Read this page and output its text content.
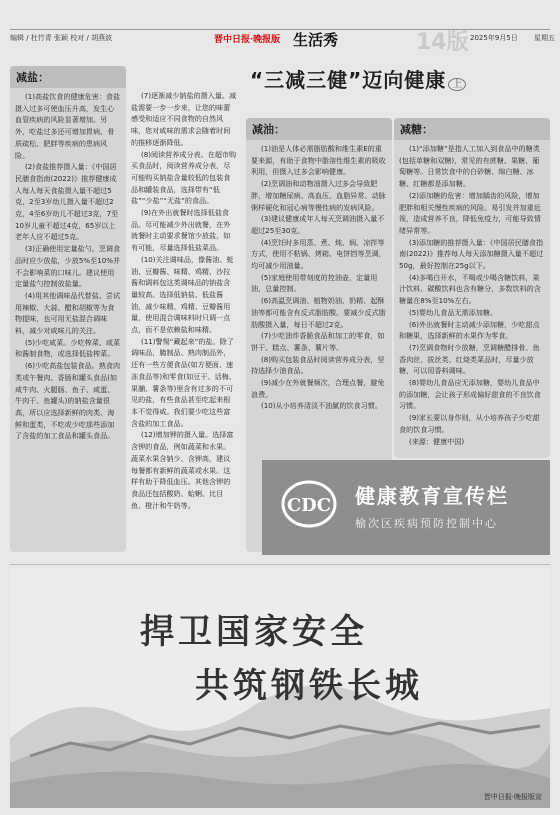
编辑 / 杜竹青 张颖 校对 / 胡燕波	晋中日报·晚报版 生活秀	14版 2025年9月5日 星期五
“三减三健”迈向健康 上
减盐：

(1)高盐饮食的健康危害：食盐摄入过多可使血压升高，发生心血管疾病的风险显著增加。另外，吃盐过多还可增加胃病、骨质疏松、肥胖等疾病的患病风险。

(2)食盐推荐摄入量：《中国居民膳食指南(2022)》推荐健康成人每人每天食盐摄入量不超过5克，2至3岁幼儿摄入量不超过2克，4至6岁幼儿不超过3克，7至10岁儿童不超过4克，65岁以上老年人应不超过5克。

(3)正确使用定量盐勺。烹调食品时应少放盐，少放5%至10%并不会影响菜的口味儿。建议使用定量盐勺控制放盐量。

(4)用其他调味品代替盐。尝试用辣椒、大蒜、醋和胡椒等为食物提味，也可用无盐混合调味料，减少对咸味儿的关注。

(5)少吃咸菜。少吃榨菜、咸菜和酱制食物，或选择低盐榨菜。

(6)少吃高盐包装食品。熟食肉类或午餐肉、香肠和罐头食品(如咸牛肉、火腿肠、鱼子、咸蛋、牛肉干、鱼罐头)的钠盐含量很高，所以应选择新鲜的肉类、海鲜和蛋类，不吃或少吃那些添加了含盐的加工食品和罐头食品。

(7)逐渐减少钠盐的摄入量。减盐需要一步一步来，让您的味蕾感受和适应不同食物的自然风味，您对咸味的需求会随着时间的推移逐渐降低。

(8)阅读营养成分表。在超市购买食品时，阅读营养成分表，尽可能购买钠盐含量较低的包装食品和罐装食品，选择带有“低盐”“少盐”“无盐”的食品。

(9)在外出就餐时选择低盐食品。尽可能减少外出就餐，在外就餐时主动要求餐馆少放盐，如有可能，尽量选择低盐菜品。

(10)关注调味品，像酱油、蚝油、豆瓣酱、味精、鸡精、沙拉酱和调料包这类调味品的钠盐含量较高。选择低钠盐、低盐酱油，减少味精、鸡精、豆瓣酱用量，使用混合调味料时只调一点点，而不是依赖盐和味精。

(11)警惕“藏起来”的盐。除了调味品，腌制品、熟肉制品外，还有一些方便食品(如方便面、速冻食品等)和零食(如豆干、话梅、果脯、薯条等)里含有过多的不可见的盐，有些食品甚至吃起来根本不觉得咸。我们要少吃这些富含盐的加工食品。

(12)增加钾的摄入量。选择富含钾的食品，例如蔬菜和水果。蔬菜水果含钠少、含钾高，建议每餐都有新鲜的蔬菜或水果。这样有助于降低血压。其他含钾的食品还包括酸奶、蛤蜊、比目鱼、橙汁和牛奶等。

减油：

(1)油是人体必需脂肪酸和维生素E的重要来源，有助于食物中脂溶性维生素的吸收利用，但摄入过多会影响健康。

(2)烹调油和动物油摄入过多会导致肥胖，增加糖尿病、高血压、血脂异常、动脉粥样硬化和冠心病等慢性病的发病风险。

(3)建议健康成年人每天烹调油摄入量不超过25至30克。

(4)烹饪时多用蒸、煮、炖、焖、凉拌等方式，使用不粘锅、烤箱、电饼铛等烹调，均可减少用油量。

(5)家庭使用带刻度的控油壶，定量用油，总量控制。

(6)高温烹调油、植物奶油、奶精、起酥油等都可能含有反式脂肪酸。要减少反式脂肪酸摄入量，每日不超过2克。

(7)少吃油炸香脆食品和加工的零食，如饼干、糕点、薯条、薯片等。

(8)购买包装食品时阅读营养成分表，坚持选择少油食品。

(9)减少在外就餐频次，合理点餐，避免浪费。

(10)从小培养清淡不油腻的饮食习惯。

减糖：

(1)“添加糖”是指人工加入到食品中的糖类(包括单糖和双糖)，常见的有蔗糖、果糖、葡萄糖等。日常饮食中的白砂糖、绵白糖、冰糖、红糖都是添加糖。

(2)添加糖的危害：增加龋齿的风险，增加肥胖和相关慢性疾病的风险。易引发并加重近视，造成营养不良，降低免疫力，可能导致情绪异常等。

(3)添加糖的推荐摄入量：《中国居民膳食指南(2022)》推荐每人每天添加糖摄入量不超过50g，最好控制在25g以下。

(4)多喝白开水，不喝或少喝含糖饮料，果汁饮料、碳酸饮料也含有糖分，多数饮料的含糖量在8%至10%左右。

(5)婴幼儿食品无需添加糖。

(6)外出就餐时主动减少添加糖，少吃甜点和糖果，选择新鲜的水果作为零食。

(7)烹调食物时少放糖，烹调糖醋排骨、鱼香肉丝、拔丝类、红烧类菜品时，尽量少放糖，可以用香料调味。

(8)婴幼儿食品应无添加糖，婴幼儿食品中的添加糖，会让孩子形成偏好甜食的不良饮食习惯。

(9)家长要以身作则，从小培养孩子少吃甜食的饮食习惯。

(来源：健康中国)

CDC 健康教育宣传栏
榆次区疾病预防控制中心
捍卫国家安全
共筑钢铁长城
晋中日报·晚报版宣
